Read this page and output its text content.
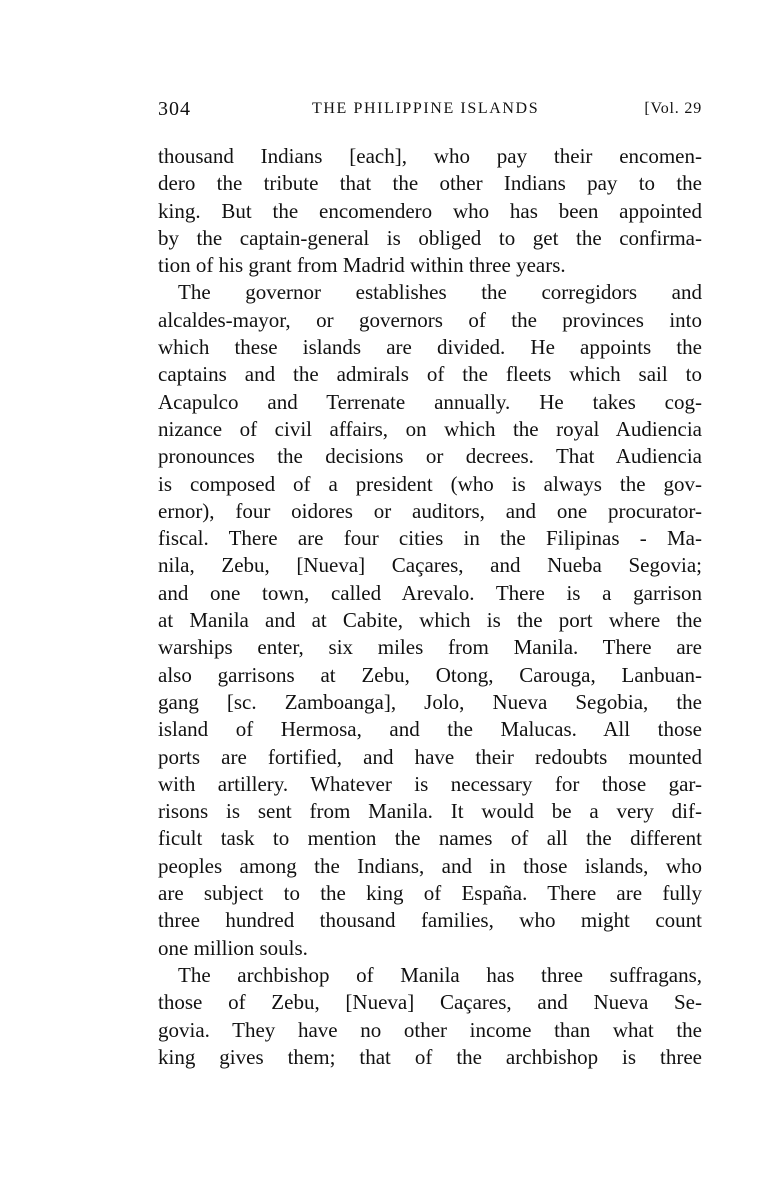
304	THE PHILIPPINE ISLANDS	[Vol. 29
thousand Indians [each], who pay their encomen-
dero the tribute that the other Indians pay to the
king. But the encomendero who has been appointed
by the captain-general is obliged to get the confirma-
tion of his grant from Madrid within three years.
The governor establishes the corregidors and
alcaldes-mayor, or governors of the provinces into
which these islands are divided. He appoints the
captains and the admirals of the fleets which sail to
Acapulco and Terrenate annually. He takes cog-
nizance of civil affairs, on which the royal Audiencia
pronounces the decisions or decrees. That Audiencia
is composed of a president (who is always the gov-
ernor), four oidores or auditors, and one procurator-
fiscal. There are four cities in the Filipinas - Ma-
nila, Zebu, [Nueva] Caçares, and Nueba Segovia;
and one town, called Arevalo. There is a garrison
at Manila and at Cabite, which is the port where the
warships enter, six miles from Manila. There are
also garrisons at Zebu, Otong, Carouga, Lanbuan-
gang [sc. Zamboanga], Jolo, Nueva Segobia, the
island of Hermosa, and the Malucas. All those
ports are fortified, and have their redoubts mounted
with artillery. Whatever is necessary for those gar-
risons is sent from Manila. It would be a very dif-
ficult task to mention the names of all the different
peoples among the Indians, and in those islands, who
are subject to the king of España. There are fully
three hundred thousand families, who might count
one million souls.
The archbishop of Manila has three suffragans,
those of Zebu, [Nueva] Caçares, and Nueva Se-
govia. They have no other income than what the
king gives them; that of the archbishop is three
